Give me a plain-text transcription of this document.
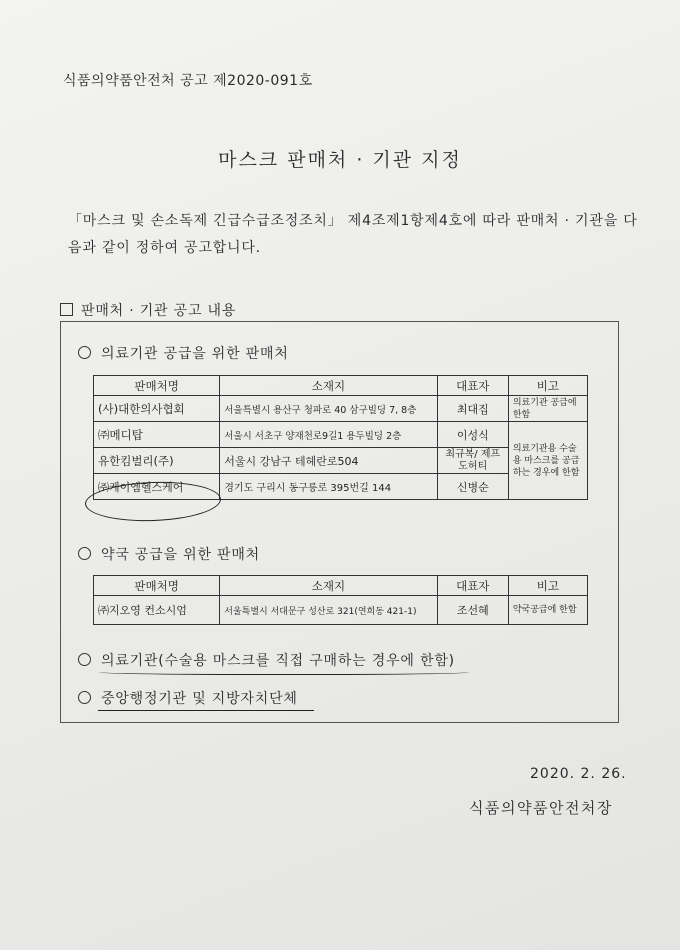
식품의약품안전처 공고 제2020-091호
마스크 판매처 · 기관 지정
「마스크 및 손소독제 긴급수급조정조치」 제4조제1항제4호에 따라 판매처 · 기관을 다음과 같이 정하여 공고합니다.
판매처 · 기관 공고 내용
의료기관 공급을 위한 판매처
판매처명	소재지	대표자	비고
(사)대한의사협회	서울특별시 용산구 청파로 40 삼구빌딩 7, 8층	최대집	의료기관 공급에 한함
㈜메디탑	서울시 서초구 양재천로9길1 용두빌딩 2층	이성식	의료기관용 수술용 마스크를 공급하는 경우에 한함
유한킴벌리(주)	서울시 강남구 테헤란로504	최규복/ 제프도허티	
㈜케이엠헬스케어	경기도 구리시 동구릉로 395번길 144	신병순	
약국 공급을 위한 판매처
판매처명	소재지	대표자	비고
㈜지오영 컨소시엄	서울특별시 서대문구 성산로 321(연희동 421-1)	조선혜	약국공급에 한함
의료기관(수술용 마스크를 직접 구매하는 경우에 한함)
중앙행정기관 및 지방자치단체
2020. 2. 26.
식품의약품안전처장
